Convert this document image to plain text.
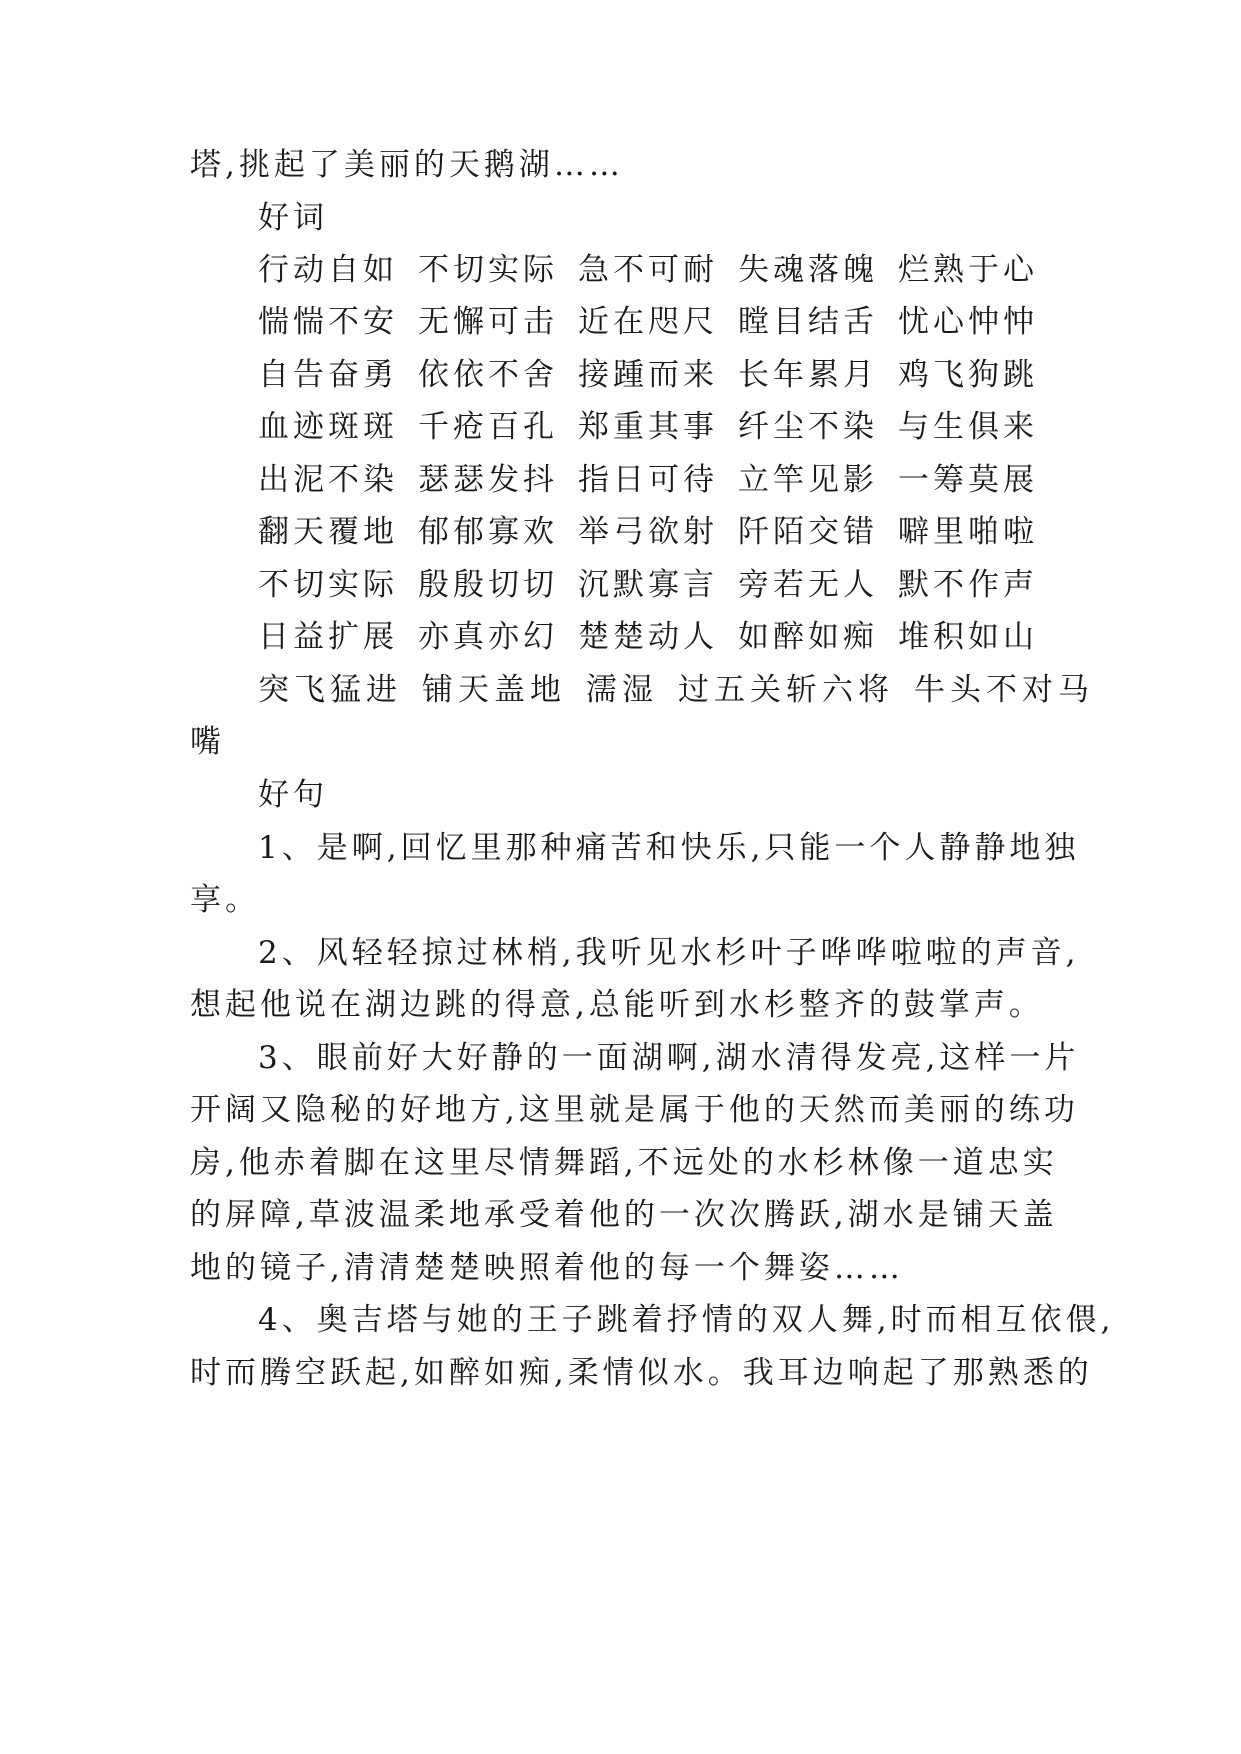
塔,挑起了美丽的天鹅湖……
好词
行动自如 不切实际 急不可耐 失魂落魄 烂熟于心
惴惴不安 无懈可击 近在咫尺 瞠目结舌 忧心忡忡
自告奋勇 依依不舍 接踵而来 长年累月 鸡飞狗跳
血迹斑斑 千疮百孔 郑重其事 纤尘不染 与生俱来
出泥不染 瑟瑟发抖 指日可待 立竿见影 一筹莫展
翻天覆地 郁郁寡欢 举弓欲射 阡陌交错 噼里啪啦
不切实际 殷殷切切 沉默寡言 旁若无人 默不作声
日益扩展 亦真亦幻 楚楚动人 如醉如痴 堆积如山
突飞猛进 铺天盖地 濡湿 过五关斩六将 牛头不对马
嘴
好句
1、是啊,回忆里那种痛苦和快乐,只能一个人静静地独
享。
2、风轻轻掠过林梢,我听见水杉叶子哗哗啦啦的声音,
想起他说在湖边跳的得意,总能听到水杉整齐的鼓掌声。
3、眼前好大好静的一面湖啊,湖水清得发亮,这样一片
开阔又隐秘的好地方,这里就是属于他的天然而美丽的练功
房,他赤着脚在这里尽情舞蹈,不远处的水杉林像一道忠实
的屏障,草波温柔地承受着他的一次次腾跃,湖水是铺天盖
地的镜子,清清楚楚映照着他的每一个舞姿……
4、奥吉塔与她的王子跳着抒情的双人舞,时而相互依偎,
时而腾空跃起,如醉如痴,柔情似水。我耳边响起了那熟悉的
